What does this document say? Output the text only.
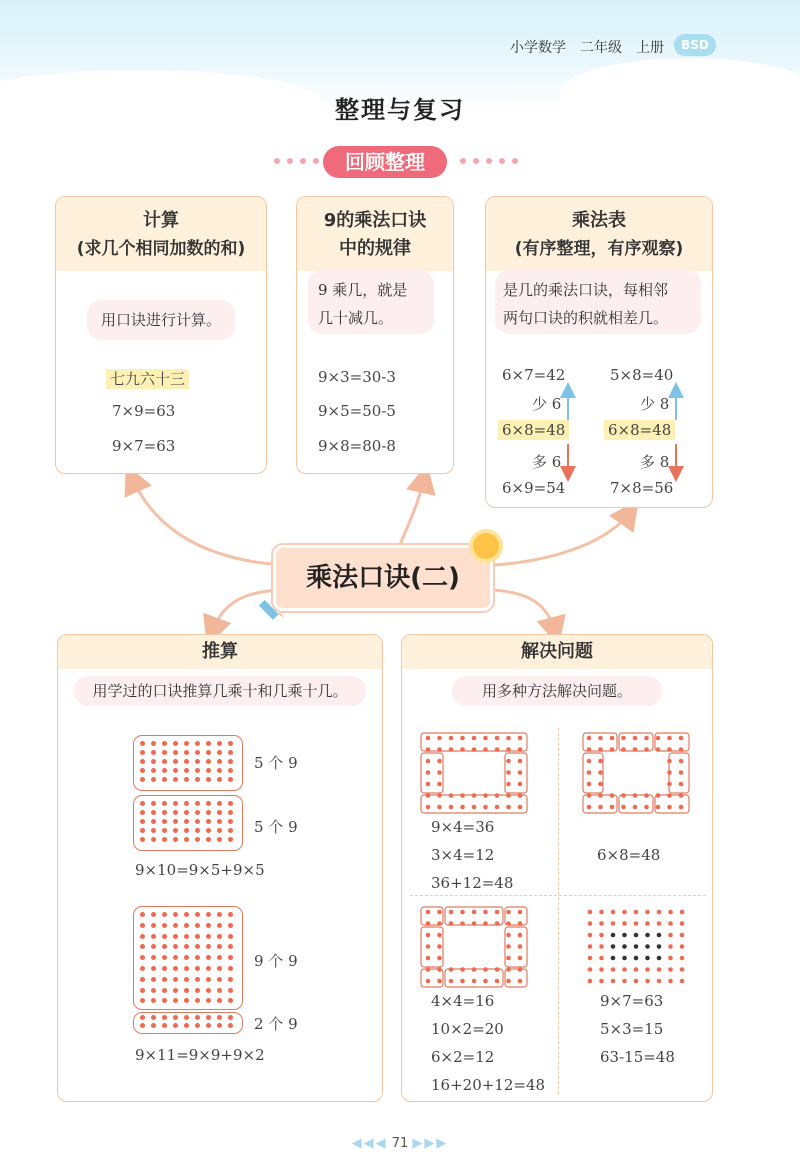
小学数学 二年级 上册	BSD
整理与复习
回顾整理
计算
(求几个相同加数的和)
用口诀进行计算。
七九六十三
7×9=63
9×7=63
9的乘法口诀
中的规律
9 乘几，就是
几十减几。
9×3=30-3
9×5=50-5
9×8=80-8
乘法表
(有序整理，有序观察)
是几的乘法口诀，每相邻
两句口诀的积就相差几。
6×7=42
少 6
6×8=48
多 6
6×9=54
5×8=40
少 8
6×8=48
多 8
7×8=56
乘法口诀(二)
推算
用学过的口诀推算几乘十和几乘十几。
5 个 9
5 个 9
9×10=9×5+9×5
9 个 9
2 个 9
9×11=9×9+9×2
解决问题
用多种方法解决问题。
9×4=36
3×4=12
36+12=48
6×8=48
4×4=16
10×2=20
6×2=12
16+20+12=48
9×7=63
5×3=15
63-15=48
◀◀◀ 71 ▶▶▶
